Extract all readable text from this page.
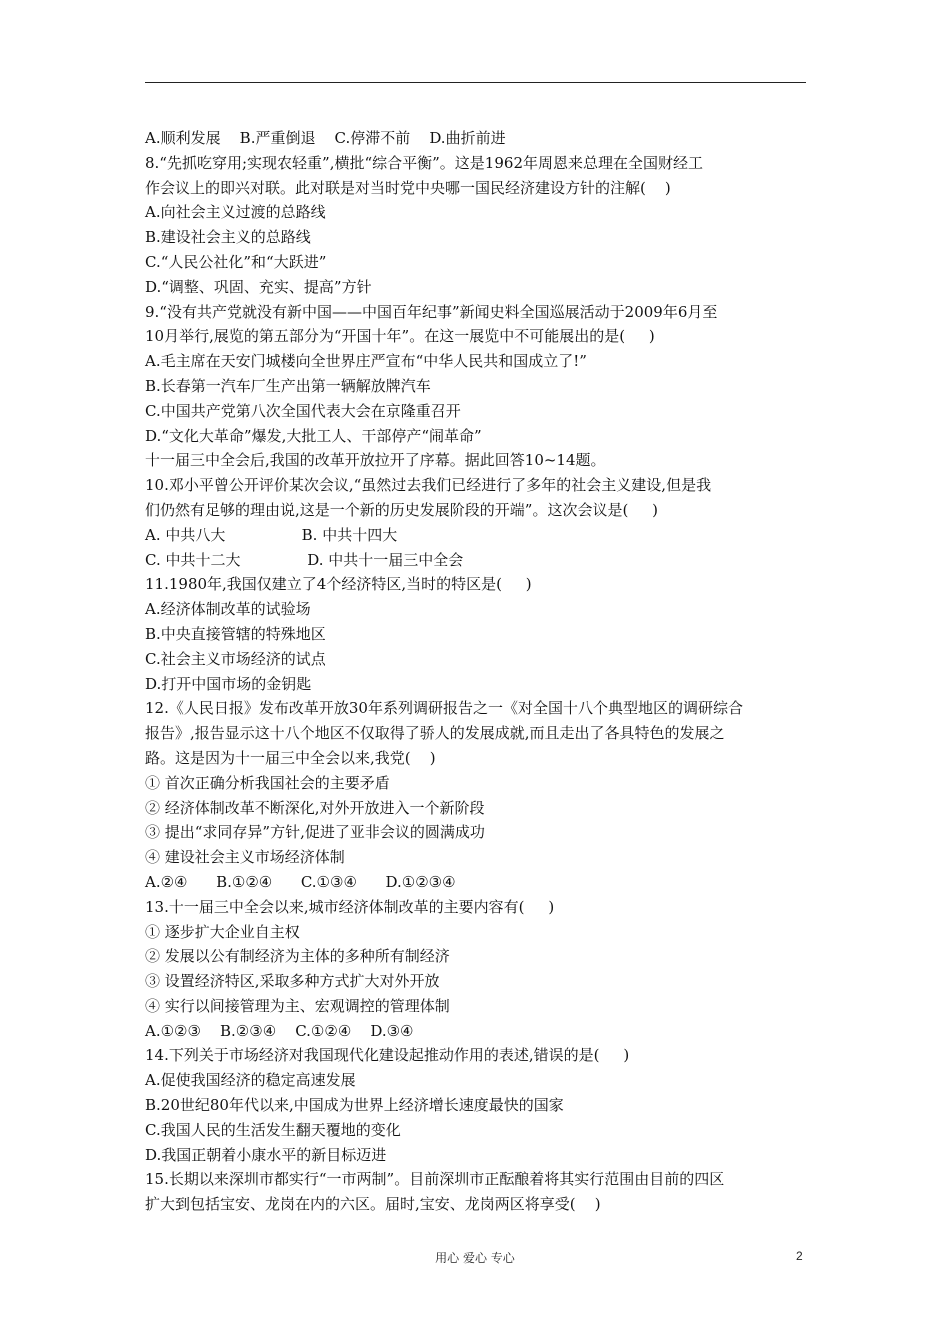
A.顺利发展    B.严重倒退    C.停滞不前    D.曲折前进
8.“先抓吃穿用;实现农轻重”,横批“综合平衡”。这是1962年周恩来总理在全国财经工
作会议上的即兴对联。此对联是对当时党中央哪一国民经济建设方针的注解(    )
A.向社会主义过渡的总路线
B.建设社会主义的总路线
C.“人民公社化”和“大跃进”
D.“调整、巩固、充实、提高”方针
9.“没有共产党就没有新中国——中国百年纪事”新闻史料全国巡展活动于2009年6月至
10月举行,展览的第五部分为“开国十年”。在这一展览中不可能展出的是(     )
A.毛主席在天安门城楼向全世界庄严宣布“中华人民共和国成立了!”
B.长春第一汽车厂生产出第一辆解放牌汽车
C.中国共产党第八次全国代表大会在京隆重召开
D.“文化大革命”爆发,大批工人、干部停产“闹革命”
十一届三中全会后,我国的改革开放拉开了序幕。据此回答10~14题。
10.邓小平曾公开评价某次会议,“虽然过去我们已经进行了多年的社会主义建设,但是我
们仍然有足够的理由说,这是一个新的历史发展阶段的开端”。这次会议是(     )
A. 中共八大                B. 中共十四大
C. 中共十二大              D. 中共十一届三中全会
11.1980年,我国仅建立了4个经济特区,当时的特区是(     )
A.经济体制改革的试验场
B.中央直接管辖的特殊地区
C.社会主义市场经济的试点
D.打开中国市场的金钥匙
12.《人民日报》发布改革开放30年系列调研报告之一《对全国十八个典型地区的调研综合
报告》,报告显示这十八个地区不仅取得了骄人的发展成就,而且走出了各具特色的发展之
路。这是因为十一届三中全会以来,我党(    )
① 首次正确分析我国社会的主要矛盾
② 经济体制改革不断深化,对外开放进入一个新阶段
③ 提出“求同存异”方针,促进了亚非会议的圆满成功
④ 建设社会主义市场经济体制
A.②④      B.①②④      C.①③④      D.①②③④
13.十一届三中全会以来,城市经济体制改革的主要内容有(     )
① 逐步扩大企业自主权
② 发展以公有制经济为主体的多种所有制经济
③ 设置经济特区,采取多种方式扩大对外开放
④ 实行以间接管理为主、宏观调控的管理体制
A.①②③    B.②③④    C.①②④    D.③④
14.下列关于市场经济对我国现代化建设起推动作用的表述,错误的是(     )
A.促使我国经济的稳定高速发展
B.20世纪80年代以来,中国成为世界上经济增长速度最快的国家
C.我国人民的生活发生翻天覆地的变化
D.我国正朝着小康水平的新目标迈进
15.长期以来深圳市都实行“一市两制”。目前深圳市正酝酿着将其实行范围由目前的四区
扩大到包括宝安、龙岗在内的六区。届时,宝安、龙岗两区将享受(    )
用心 爱心 专心	2
